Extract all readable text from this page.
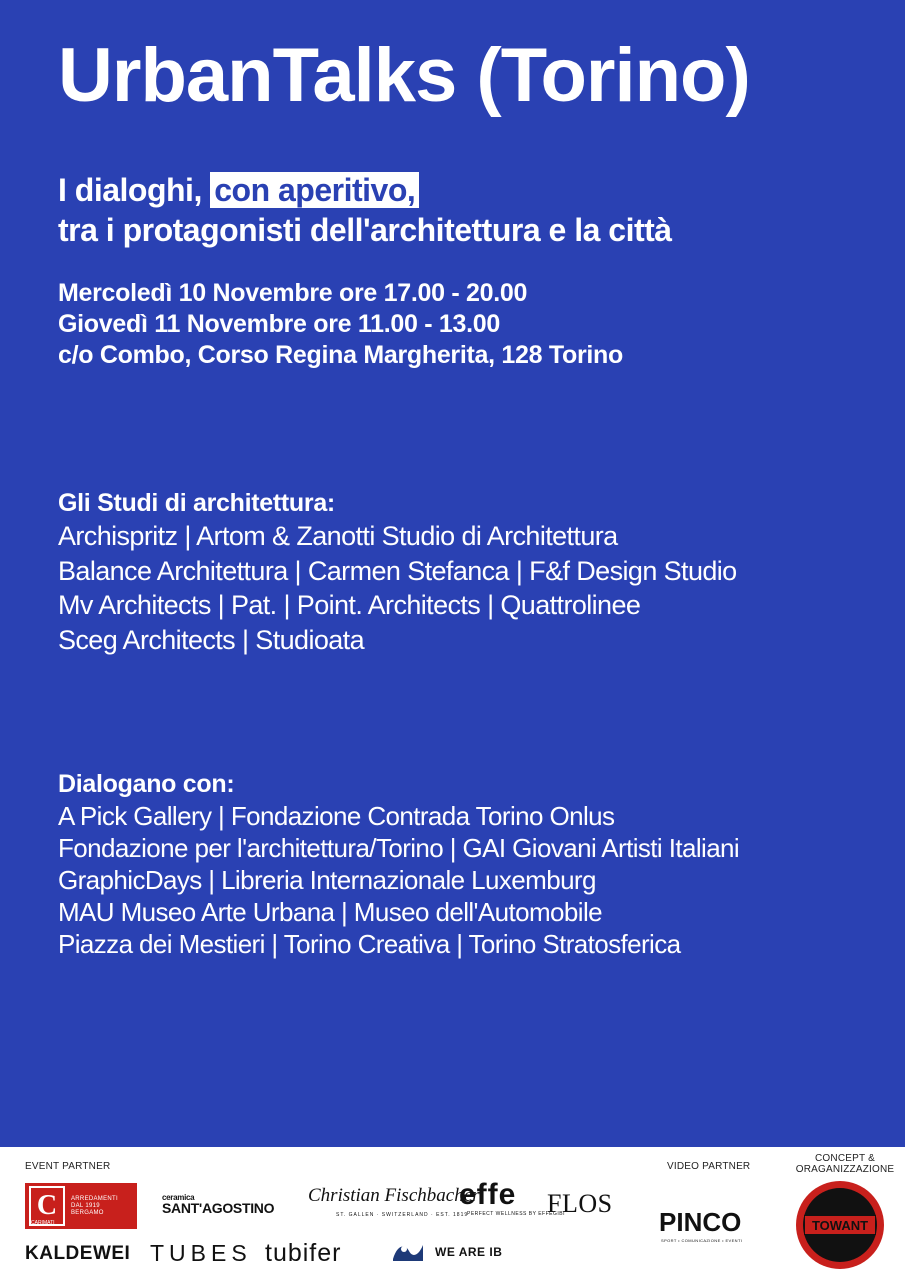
UrbanTalks (Torino)
I dialoghi, con aperitivo,
tra i protagonisti dell'architettura e la città
Mercoledì 10 Novembre ore 17.00 - 20.00
Giovedì 11 Novembre ore 11.00 - 13.00
c/o Combo, Corso Regina Margherita, 128 Torino
Gli Studi di architettura:
Archispritz | Artom & Zanotti Studio di Architettura
Balance Architettura | Carmen Stefanca | F&f Design Studio
Mv Architects | Pat. | Point. Architects | Quattrolinee
Sceg Architects | Studioata
Dialogano con:
A Pick Gallery | Fondazione Contrada Torino Onlus
Fondazione per l'architettura/Torino | GAI Giovani Artisti Italiani
GraphicDays | Libreria Internazionale Luxemburg
MAU Museo Arte Urbana | Museo dell'Automobile
Piazza dei Mestieri | Torino Creativa | Torino Stratosferica
EVENT PARTNER	VIDEO PARTNER
CONCEPT &
ORAGANIZZAZIONE
C	ARREDAMENTI
DAL 1919
BERGAMO
CARIMATI
ceramica
SANT'AGOSTINO
Christian Fischbacher
ST. GALLEN · SWITZERLAND · EST. 1819
effe
PERFECT WELLNESS BY EFFEGIBI
FLOS
PINCO
SPORT • COMUNICAZIONE • EVENTI
KALDEWEI TUBES tubifer	WE ARE IB
TOWANT
